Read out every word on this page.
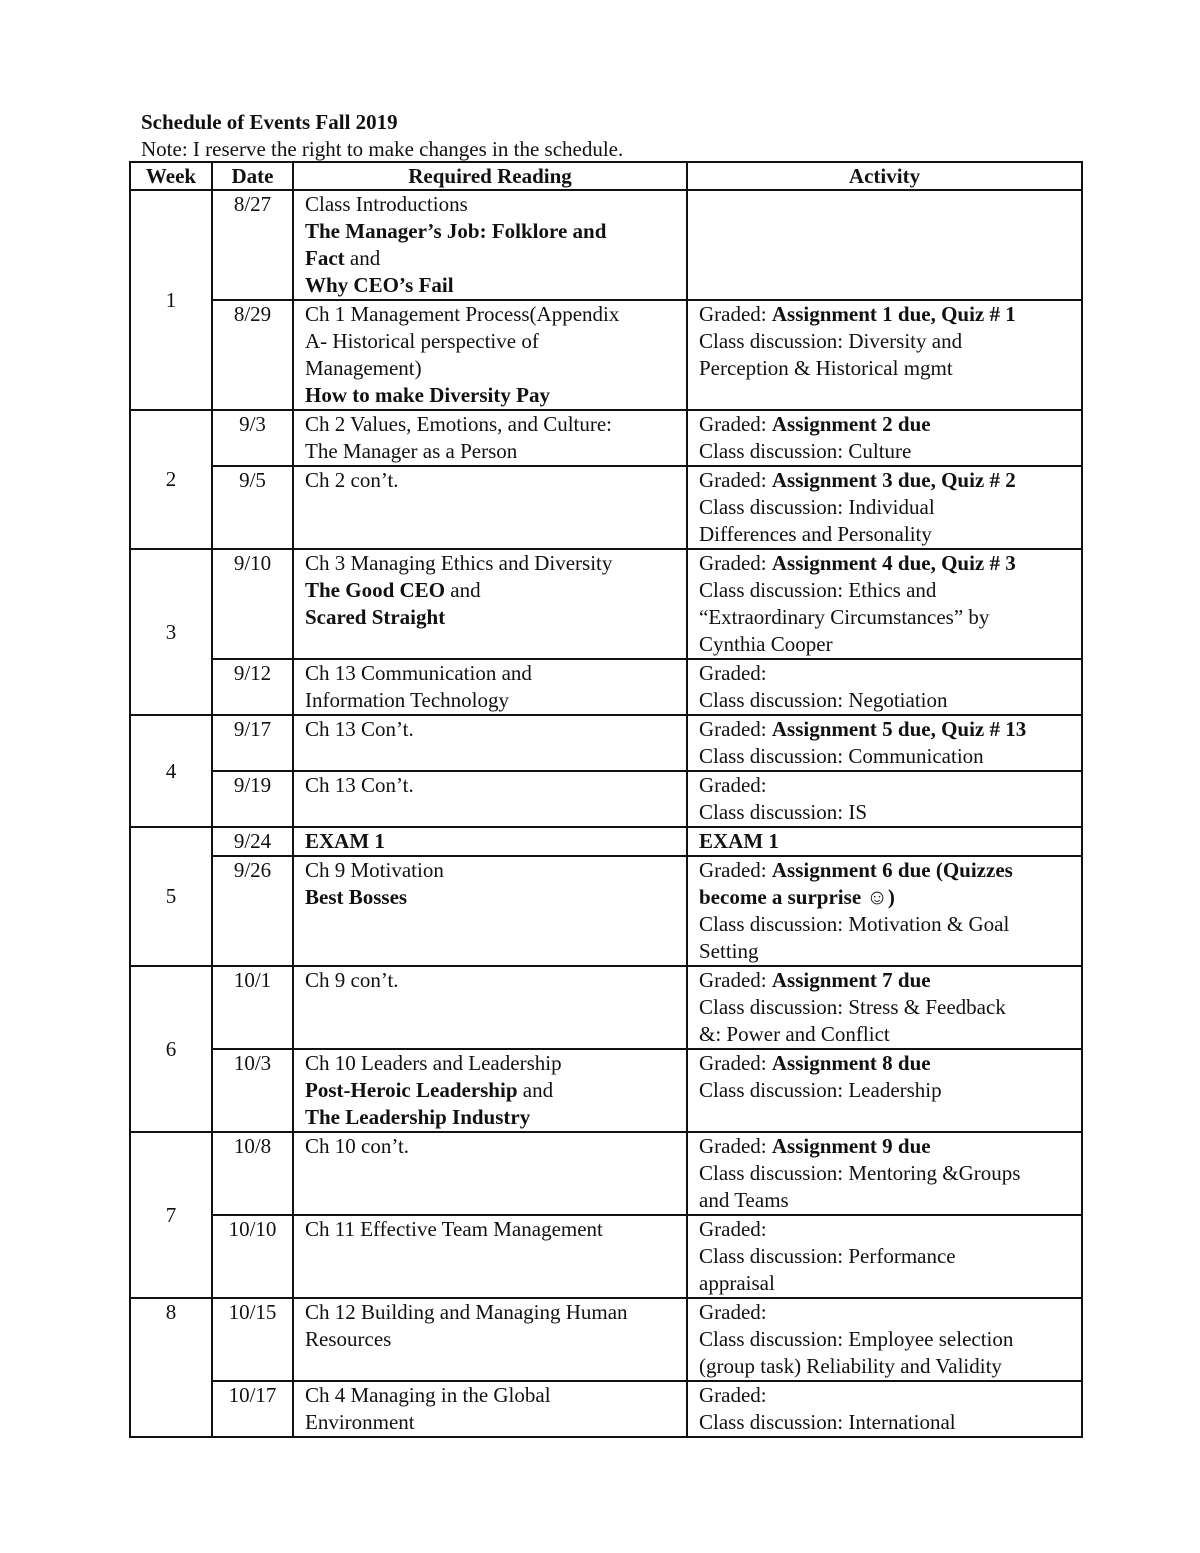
Schedule of Events Fall 2019
Note: I reserve the right to make changes in the schedule.
Week	Date	Required Reading	Activity
1	8/27	Class Introductions
The Manager’s Job: Folklore and
Fact and
Why CEO’s Fail	

	8/29	Ch 1 Management Process(Appendix
A- Historical perspective of
Management)
How to make Diversity Pay	Graded: Assignment 1 due, Quiz # 1
Class discussion: Diversity and
Perception & Historical mgmt

2	9/3	Ch 2 Values, Emotions, and Culture:
The Manager as a Person	Graded: Assignment 2 due
Class discussion: Culture

	9/5	Ch 2 con’t.	Graded: Assignment 3 due, Quiz # 2
Class discussion: Individual
Differences and Personality

3	9/10	Ch 3 Managing Ethics and Diversity
The Good CEO and
Scared Straight	Graded: Assignment 4 due, Quiz # 3
Class discussion: Ethics and
“Extraordinary Circumstances” by
Cynthia Cooper

	9/12	Ch 13 Communication and
Information Technology	Graded:
Class discussion: Negotiation

4	9/17	Ch 13 Con’t.	Graded: Assignment 5 due, Quiz # 13
Class discussion: Communication

	9/19	Ch 13 Con’t.	Graded:
Class discussion: IS

5	9/24	EXAM 1	EXAM 1

	9/26	Ch 9 Motivation
Best Bosses	Graded: Assignment 6 due (Quizzes
become a surprise ☺)
Class discussion: Motivation & Goal
Setting

6	10/1	Ch 9 con’t.	Graded: Assignment 7 due
Class discussion: Stress & Feedback
&: Power and Conflict

	10/3	Ch 10 Leaders and Leadership
Post-Heroic Leadership and
The Leadership Industry	Graded: Assignment 8 due
Class discussion: Leadership

7	10/8	Ch 10 con’t.	Graded: Assignment 9 due
Class discussion: Mentoring &Groups
and Teams

	10/10	Ch 11 Effective Team Management	Graded:
Class discussion: Performance
appraisal

8	10/15	Ch 12 Building and Managing Human
Resources	Graded:
Class discussion: Employee selection
(group task) Reliability and Validity

	10/17	Ch 4 Managing in the Global
Environment	Graded:
Class discussion: International
